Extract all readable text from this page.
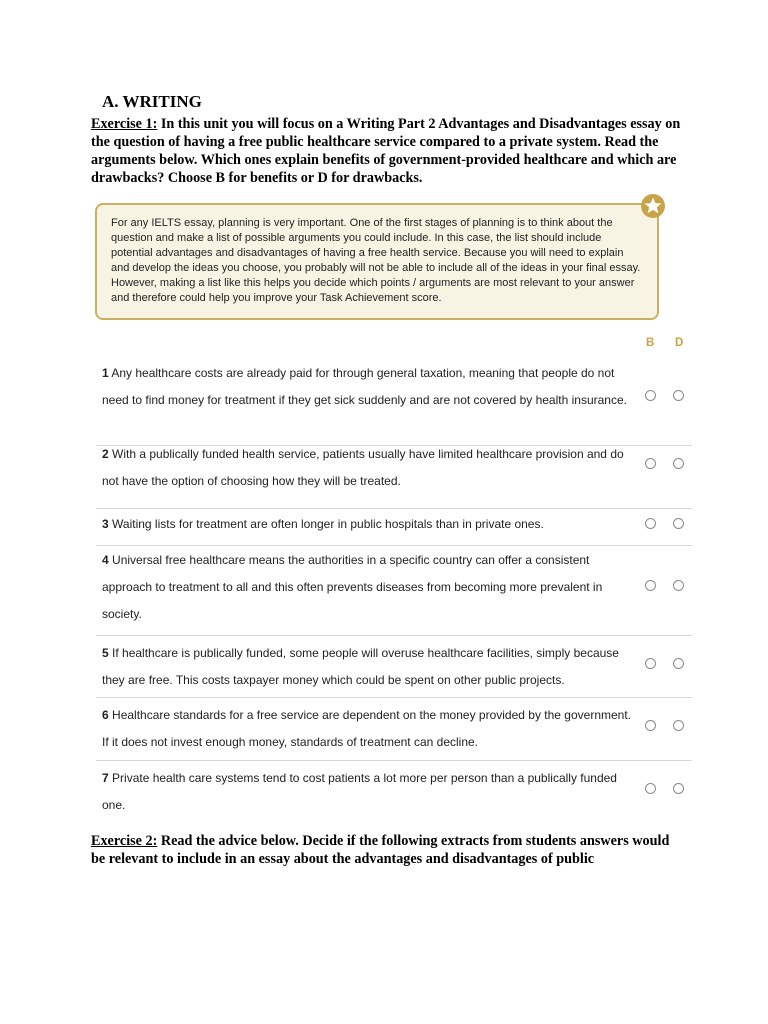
A. WRITING
Exercise 1: In this unit you will focus on a Writing Part 2 Advantages and Disadvantages essay on the question of having a free public healthcare service compared to a private system. Read the arguments below. Which ones explain benefits of government-provided healthcare and which are drawbacks? Choose B for benefits or D for drawbacks.

For any IELTS essay, planning is very important. One of the first stages of planning is to think about the question and make a list of possible arguments you could include. In this case, the list should include potential advantages and disadvantages of having a free health service. Because you will need to explain and develop the ideas you choose, you probably will not be able to include all of the ideas in your final essay. However, making a list like this helps you decide which points / arguments are most relevant to your answer and therefore could help you improve your Task Achievement score.

B D
1 Any healthcare costs are already paid for through general taxation, meaning that people do not need to find money for treatment if they get sick suddenly and are not covered by health insurance.
2 With a publically funded health service, patients usually have limited healthcare provision and do not have the option of choosing how they will be treated.
3 Waiting lists for treatment are often longer in public hospitals than in private ones.
4 Universal free healthcare means the authorities in a specific country can offer a consistent approach to treatment to all and this often prevents diseases from becoming more prevalent in society.
5 If healthcare is publically funded, some people will overuse healthcare facilities, simply because they are free. This costs taxpayer money which could be spent on other public projects.
6 Healthcare standards for a free service are dependent on the money provided by the government. If it does not invest enough money, standards of treatment can decline.
7 Private health care systems tend to cost patients a lot more per person than a publically funded one.
Exercise 2: Read the advice below. Decide if the following extracts from students answers would be relevant to include in an essay about the advantages and disadvantages of public
